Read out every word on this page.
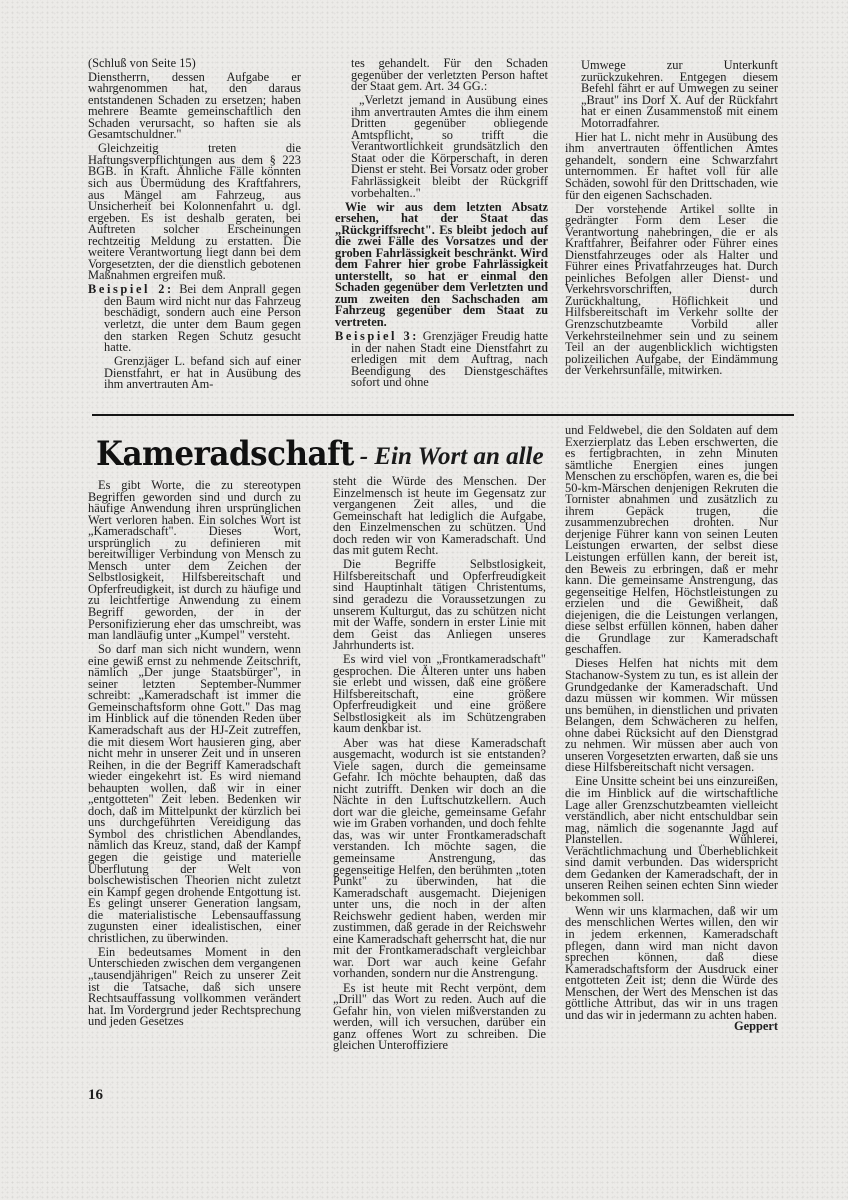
(Schluß von Seite 15)

Dienstherrn, dessen Aufgabe er wahrgenommen hat, den daraus entstandenen Schaden zu ersetzen; haben mehrere Beamte gemeinschaftlich den Schaden verursacht, so haften sie als Gesamtschuldner."

Gleichzeitig treten die Haftungsverpflichtungen aus dem § 223 BGB. in Kraft. Ähnliche Fälle könnten sich aus Übermüdung des Kraftfahrers, aus Mängel am Fahrzeug, aus Unsicherheit bei Kolonnenfahrt u. dgl. ergeben. Es ist deshalb geraten, bei Auftreten solcher Erscheinungen rechtzeitig Meldung zu erstatten. Die weitere Verantwortung liegt dann bei dem Vorgesetzten, der die dienstlich gebotenen Maßnahmen ergreifen muß.

Beispiel 2: Bei dem Anprall gegen den Baum wird nicht nur das Fahrzeug beschädigt, sondern auch eine Person verletzt, die unter dem Baum gegen den starken Regen Schutz gesucht hatte.

Grenzjäger L. befand sich auf einer Dienstfahrt, er hat in Ausübung des ihm anvertrauten Am-

tes gehandelt. Für den Schaden gegenüber der verletzten Person haftet der Staat gem. Art. 34 GG.:

„Verletzt jemand in Ausübung eines ihm anvertrauten Amtes die ihm einem Dritten gegenüber obliegende Amtspflicht, so trifft die Verantwortlichkeit grundsätzlich den Staat oder die Körperschaft, in deren Dienst er steht. Bei Vorsatz oder grober Fahrlässigkeit bleibt der Rückgriff vorbehalten.."

Wie wir aus dem letzten Absatz ersehen, hat der Staat das „Rückgriffsrecht". Es bleibt jedoch auf die zwei Fälle des Vorsatzes und der groben Fahrlässigkeit beschränkt. Wird dem Fahrer hier grobe Fahrlässigkeit unterstellt, so hat er einmal den Schaden gegenüber dem Verletzten und zum zweiten den Sachschaden am Fahrzeug gegenüber dem Staat zu vertreten.

Beispiel 3: Grenzjäger Freudig hatte in der nahen Stadt eine Dienstfahrt zu erledigen mit dem Auftrag, nach Beendigung des Dienstgeschäftes sofort und ohne

Umwege zur Unterkunft zurückzukehren. Entgegen diesem Befehl fährt er auf Umwegen zu seiner „Braut" ins Dorf X. Auf der Rückfahrt hat er einen Zusammenstoß mit einem Motorradfahrer.

Hier hat L. nicht mehr in Ausübung des ihm anvertrauten öffentlichen Amtes gehandelt, sondern eine Schwarzfahrt unternommen. Er haftet voll für alle Schäden, sowohl für den Drittschaden, wie für den eigenen Sachschaden.

Der vorstehende Artikel sollte in gedrängter Form dem Leser die Verantwortung nahebringen, die er als Kraftfahrer, Beifahrer oder Führer eines Dienstfahrzeuges oder als Halter und Führer eines Privatfahrzeuges hat. Durch peinliches Befolgen aller Dienst- und Verkehrsvorschriften, durch Zurückhaltung, Höflichkeit und Hilfsbereitschaft im Verkehr sollte der Grenzschutzbeamte Vorbild aller Verkehrsteilnehmer sein und zu seinem Teil an der augenblicklich wichtigsten polizeilichen Aufgabe, der Eindämmung der Verkehrsunfälle, mitwirken.

Kameradschaft - Ein Wort an alle

Es gibt Worte, die zu stereotypen Begriffen geworden sind und durch zu häufige Anwendung ihren ursprünglichen Wert verloren haben. Ein solches Wort ist „Kameradschaft". Dieses Wort, ursprünglich zu definieren mit bereitwilliger Verbindung von Mensch zu Mensch unter dem Zeichen der Selbstlosigkeit, Hilfsbereitschaft und Opferfreudigkeit, ist durch zu häufige und zu leichtfertige Anwendung zu einem Begriff geworden, der in der Personifizierung eher das umschreibt, was man landläufig unter „Kumpel" versteht.

So darf man sich nicht wundern, wenn eine gewiß ernst zu nehmende Zeitschrift, nämlich „Der junge Staatsbürger", in seiner letzten September-Nummer schreibt: „Kameradschaft ist immer die Gemeinschaftsform ohne Gott." Das mag im Hinblick auf die tönenden Reden über Kameradschaft aus der HJ-Zeit zutreffen, die mit diesem Wort hausieren ging, aber nicht mehr in unserer Zeit und in unseren Reihen, in die der Begriff Kameradschaft wieder eingekehrt ist. Es wird niemand behaupten wollen, daß wir in einer „entgotteten" Zeit leben. Bedenken wir doch, daß im Mittelpunkt der kürzlich bei uns durchgeführten Vereidigung das Symbol des christlichen Abendlandes, nämlich das Kreuz, stand, daß der Kampf gegen die geistige und materielle Überflutung der Welt von bolschewistischen Theorien nicht zuletzt ein Kampf gegen drohende Entgottung ist. Es gelingt unserer Generation langsam, die materialistische Lebensauffassung zugunsten einer idealistischen, einer christlichen, zu überwinden.

Ein bedeutsames Moment in den Unterschieden zwischen dem vergangenen „tausendjährigen" Reich zu unserer Zeit ist die Tatsache, daß sich unsere Rechtsauffassung vollkommen verändert hat. Im Vordergrund jeder Rechtsprechung und jeden Gesetzes

steht die Würde des Menschen. Der Einzelmensch ist heute im Gegensatz zur vergangenen Zeit alles, und die Gemeinschaft hat lediglich die Aufgabe, den Einzelmenschen zu schützen. Und doch reden wir von Kameradschaft. Und das mit gutem Recht.

Die Begriffe Selbstlosigkeit, Hilfsbereitschaft und Opferfreudigkeit sind Hauptinhalt tätigen Christentums, sind geradezu die Voraussetzungen zu unserem Kulturgut, das zu schützen nicht mit der Waffe, sondern in erster Linie mit dem Geist das Anliegen unseres Jahrhunderts ist.

Es wird viel von „Frontkameradschaft" gesprochen. Die Älteren unter uns haben sie erlebt und wissen, daß eine größere Hilfsbereitschaft, eine größere Opferfreudigkeit und eine größere Selbstlosigkeit als im Schützengraben kaum denkbar ist.

Aber was hat diese Kameradschaft ausgemacht, wodurch ist sie entstanden? Viele sagen, durch die gemeinsame Gefahr. Ich möchte behaupten, daß das nicht zutrifft. Denken wir doch an die Nächte in den Luftschutzkellern. Auch dort war die gleiche, gemeinsame Gefahr wie im Graben vorhanden, und doch fehlte das, was wir unter Frontkameradschaft verstanden. Ich möchte sagen, die gemeinsame Anstrengung, das gegenseitige Helfen, den berühmten „toten Punkt" zu überwinden, hat die Kameradschaft ausgemacht. Diejenigen unter uns, die noch in der alten Reichswehr gedient haben, werden mir zustimmen, daß gerade in der Reichswehr eine Kameradschaft geherrscht hat, die nur mit der Frontkameradschaft vergleichbar war. Dort war auch keine Gefahr vorhanden, sondern nur die Anstrengung.

Es ist heute mit Recht verpönt, dem „Drill" das Wort zu reden. Auch auf die Gefahr hin, von vielen mißverstanden zu werden, will ich versuchen, darüber ein ganz offenes Wort zu schreiben. Die gleichen Unteroffiziere

und Feldwebel, die den Soldaten auf dem Exerzierplatz das Leben erschwerten, die es fertigbrachten, in zehn Minuten sämtliche Energien eines jungen Menschen zu erschöpfen, waren es, die bei 50-km-Märschen denjenigen Rekruten die Tornister abnahmen und zusätzlich zu ihrem Gepäck trugen, die zusammenzubrechen drohten. Nur derjenige Führer kann von seinen Leuten Leistungen erwarten, der selbst diese Leistungen erfüllen kann, der bereit ist, den Beweis zu erbringen, daß er mehr kann. Die gemeinsame Anstrengung, das gegenseitige Helfen, Höchstleistungen zu erzielen und die Gewißheit, daß diejenigen, die die Leistungen verlangen, diese selbst erfüllen können, haben daher die Grundlage zur Kameradschaft geschaffen.

Dieses Helfen hat nichts mit dem Stachanow-System zu tun, es ist allein der Grundgedanke der Kameradschaft. Und dazu müssen wir kommen. Wir müssen uns bemühen, in dienstlichen und privaten Belangen, dem Schwächeren zu helfen, ohne dabei Rücksicht auf den Dienstgrad zu nehmen. Wir müssen aber auch von unseren Vorgesetzten erwarten, daß sie uns diese Hilfsbereitschaft nicht versagen.

Eine Unsitte scheint bei uns einzureißen, die im Hinblick auf die wirtschaftliche Lage aller Grenzschutzbeamten vielleicht verständlich, aber nicht entschuldbar sein mag, nämlich die sogenannte Jagd auf Planstellen. Wühlerei, Verächtlichmachung und Überheblichkeit sind damit verbunden. Das widerspricht dem Gedanken der Kameradschaft, der in unseren Reihen seinen echten Sinn wieder bekommen soll.

Wenn wir uns klarmachen, daß wir um des menschlichen Wertes willen, den wir in jedem erkennen, Kameradschaft pflegen, dann wird man nicht davon sprechen können, daß diese Kameradschaftsform der Ausdruck einer entgotteten Zeit ist; denn die Würde des Menschen, der Wert des Menschen ist das göttliche Attribut, das wir in uns tragen und das wir in jedermann zu achten haben.
Geppert

16
